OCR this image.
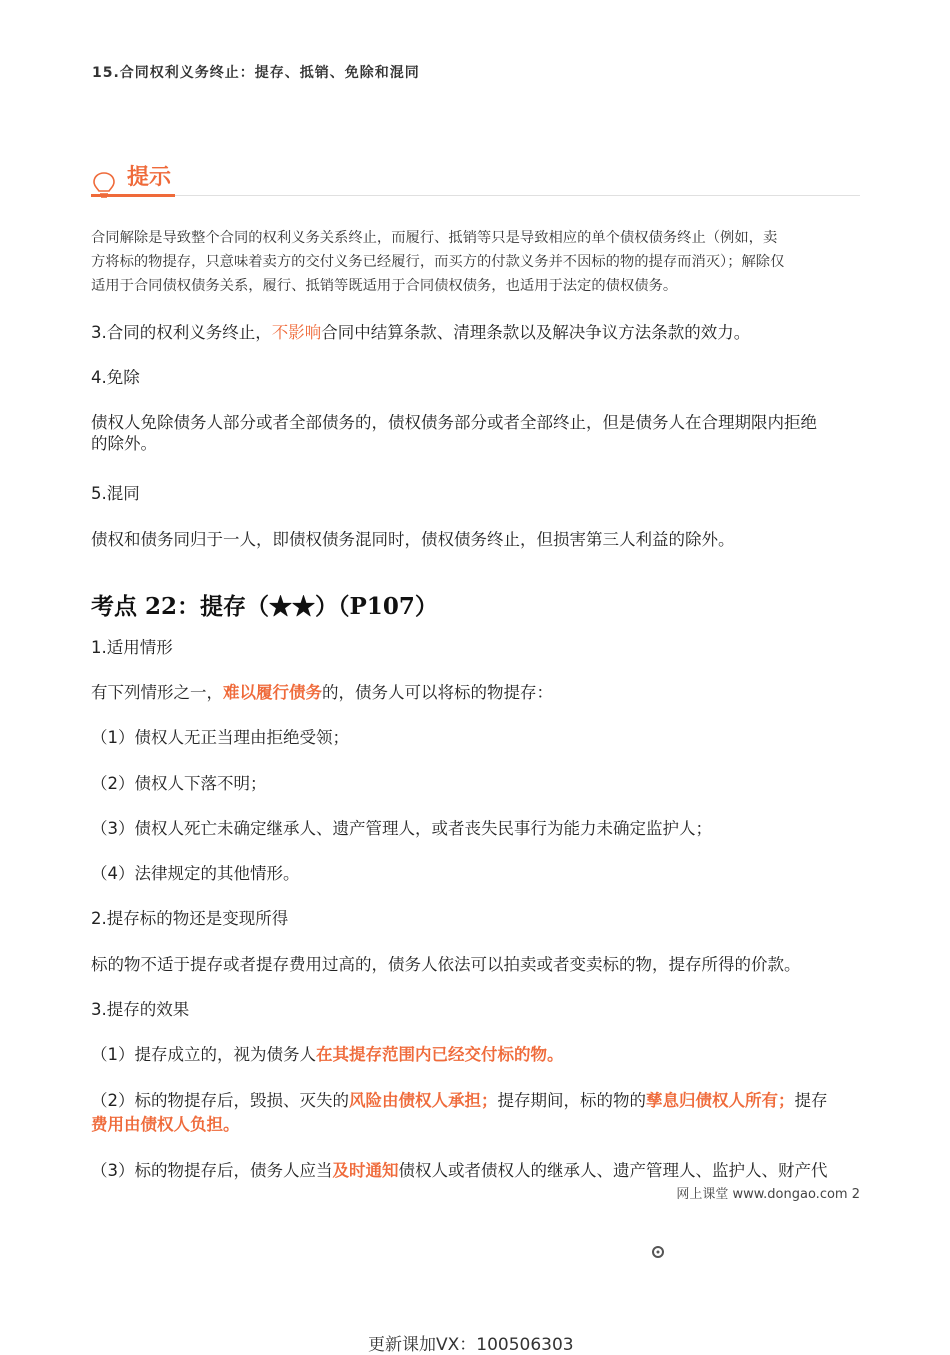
15.合同权利义务终止：提存、抵销、免除和混同
提示

合同解除是导致整个合同的权利义务关系终止，而履行、抵销等只是导致相应的单个债权债务终止（例如，卖

方将标的物提存，只意味着卖方的交付义务已经履行，而买方的付款义务并不因标的物的提存而消灭）；解除仅

适用于合同债权债务关系，履行、抵销等既适用于合同债权债务，也适用于法定的债权债务。

3.合同的权利义务终止，不影响合同中结算条款、清理条款以及解决争议方法条款的效力。
4.免除
债权人免除债务人部分或者全部债务的，债权债务部分或者全部终止，但是债务人在合理期限内拒绝
的除外。
5.混同
债权和债务同归于一人，即债权债务混同时，债权债务终止，但损害第三人利益的除外。
考点 22：提存（★★）（P107）
1.适用情形
有下列情形之一，难以履行债务的，债务人可以将标的物提存：
（1）债权人无正当理由拒绝受领；
（2）债权人下落不明；
（3）债权人死亡未确定继承人、遗产管理人，或者丧失民事行为能力未确定监护人；
（4）法律规定的其他情形。
2.提存标的物还是变现所得
标的物不适于提存或者提存费用过高的，债务人依法可以拍卖或者变卖标的物，提存所得的价款。
3.提存的效果
（1）提存成立的，视为债务人在其提存范围内已经交付标的物。
（2）标的物提存后，毁损、灭失的风险由债权人承担；提存期间，标的物的孳息归债权人所有；提存
费用由债权人负担。
（3）标的物提存后，债务人应当及时通知债权人或者债权人的继承人、遗产管理人、监护人、财产代
网上课堂 www.dongao.com 2
更新课加VX：100506303
